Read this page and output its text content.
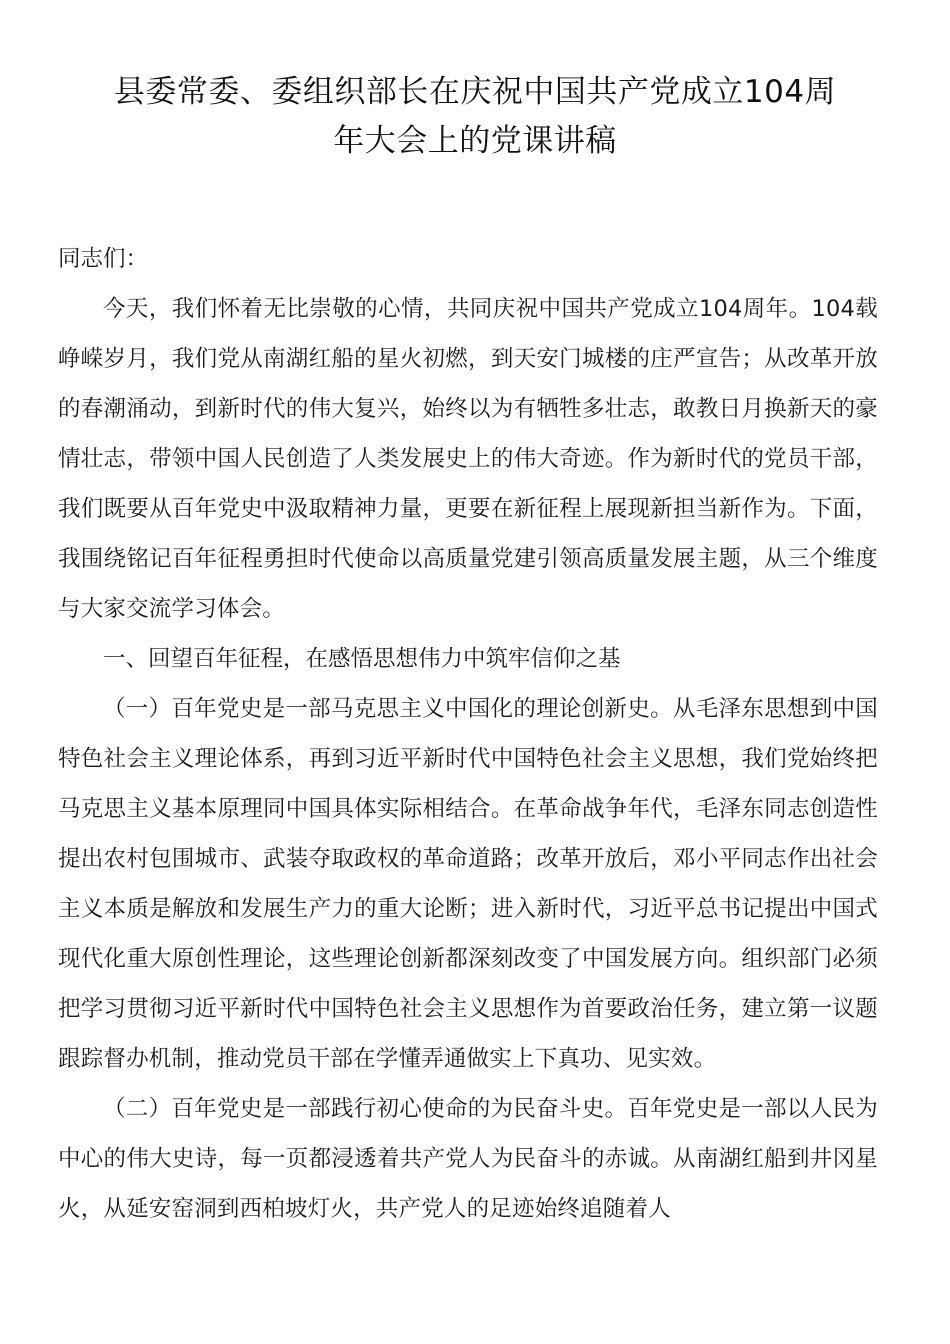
县委常委、委组织部长在庆祝中国共产党成立104周
年大会上的党课讲稿
同志们：

今天，我们怀着无比崇敬的心情，共同庆祝中国共产党成立104周年。104载峥嵘岁月，我们党从南湖红船的星火初燃，到天安门城楼的庄严宣告；从改革开放的春潮涌动，到新时代的伟大复兴，始终以为有牺牲多壮志，敢教日月换新天的豪情壮志，带领中国人民创造了人类发展史上的伟大奇迹。作为新时代的党员干部，我们既要从百年党史中汲取精神力量，更要在新征程上展现新担当新作为。下面，我围绕铭记百年征程勇担时代使命以高质量党建引领高质量发展主题，从三个维度与大家交流学习体会。

一、回望百年征程，在感悟思想伟力中筑牢信仰之基

（一）百年党史是一部马克思主义中国化的理论创新史。从毛泽东思想到中国特色社会主义理论体系，再到习近平新时代中国特色社会主义思想，我们党始终把马克思主义基本原理同中国具体实际相结合。在革命战争年代，毛泽东同志创造性提出农村包围城市、武装夺取政权的革命道路；改革开放后，邓小平同志作出社会主义本质是解放和发展生产力的重大论断；进入新时代，习近平总书记提出中国式现代化重大原创性理论，这些理论创新都深刻改变了中国发展方向。组织部门必须把学习贯彻习近平新时代中国特色社会主义思想作为首要政治任务，建立第一议题跟踪督办机制，推动党员干部在学懂弄通做实上下真功、见实效。

（二）百年党史是一部践行初心使命的为民奋斗史。百年党史是一部以人民为中心的伟大史诗，每一页都浸透着共产党人为民奋斗的赤诚。从南湖红船到井冈星火，从延安窑洞到西柏坡灯火，共产党人的足迹始终追随着人
